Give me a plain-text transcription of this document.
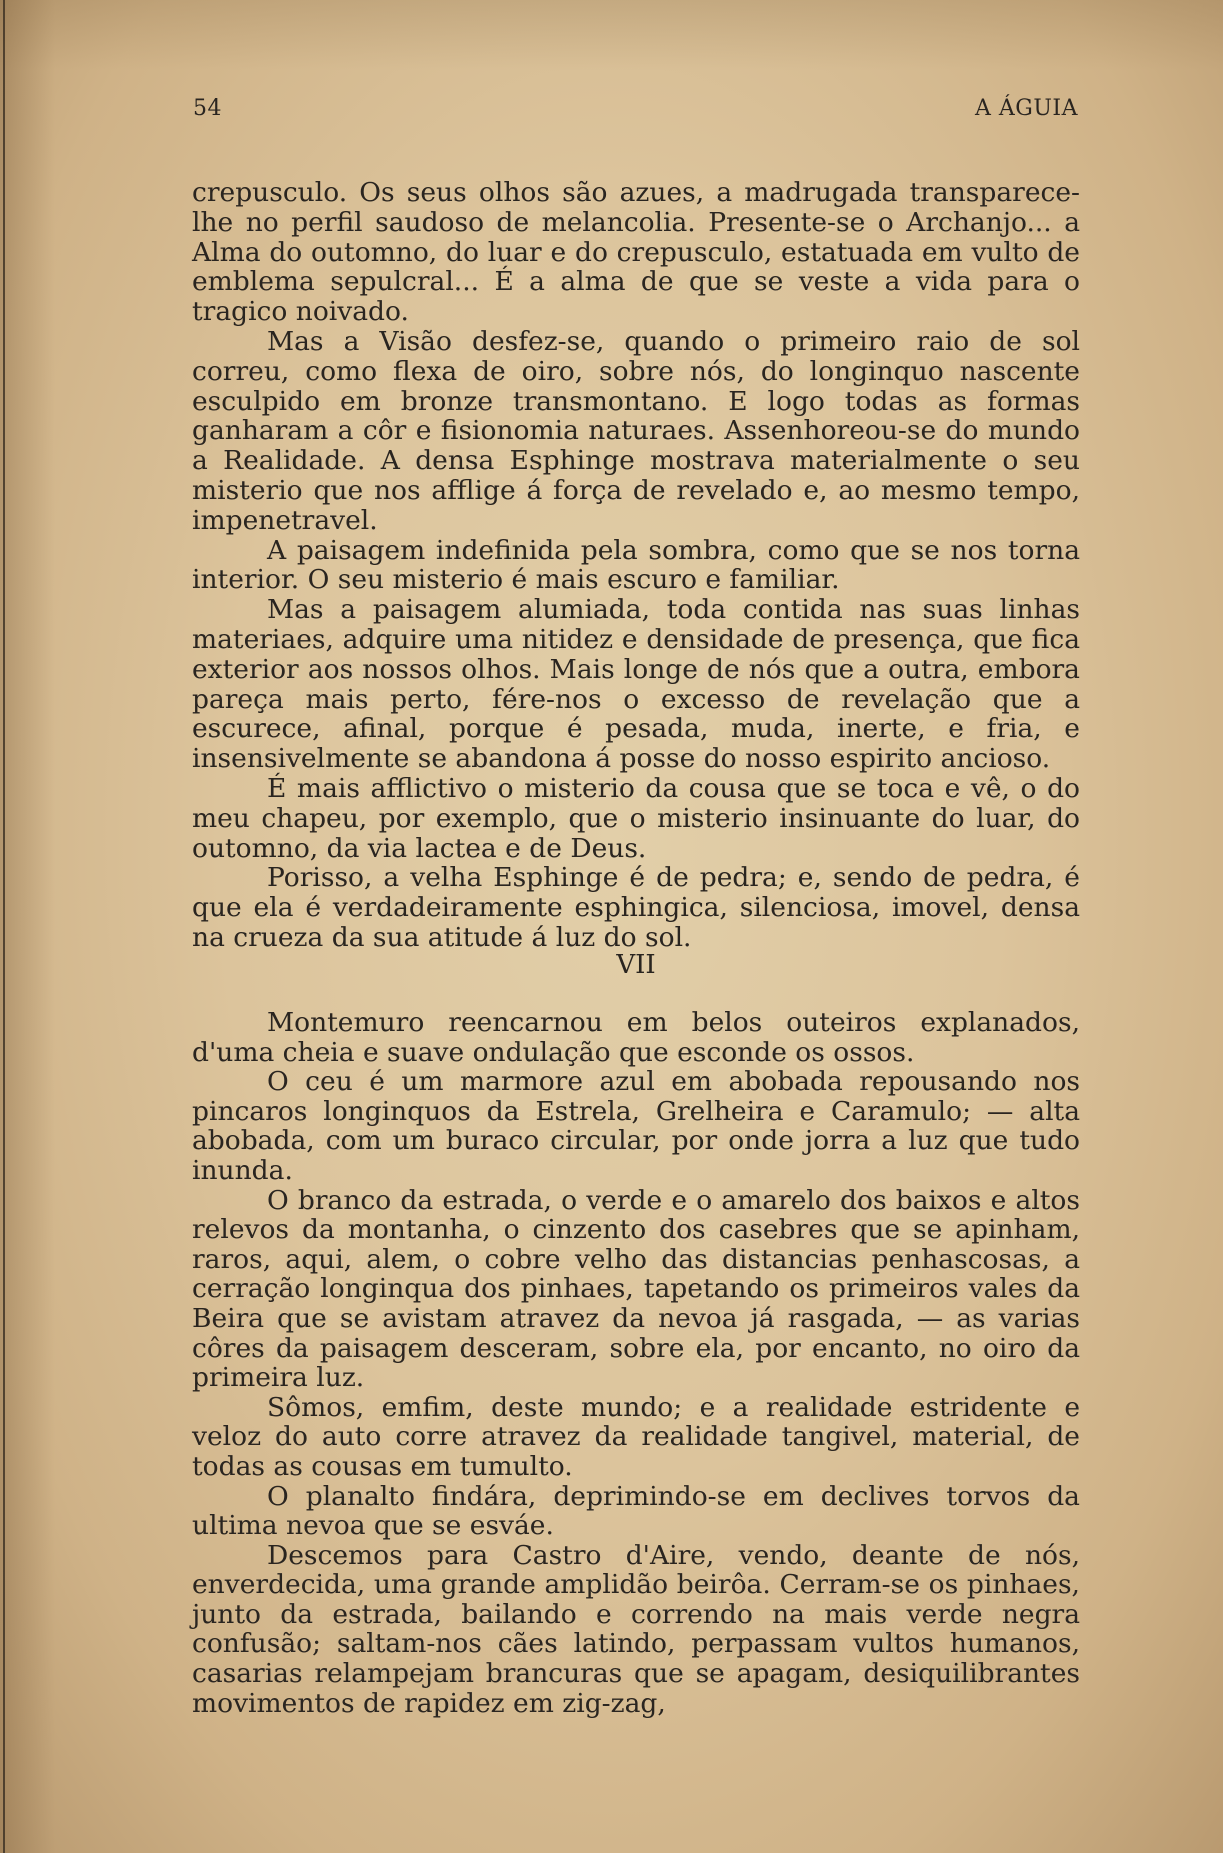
54	A ÁGUIA

crepusculo. Os seus olhos são azues, a madrugada transparece-lhe no perfil saudoso de melancolia. Presente-se o Archanjo... a Alma do outomno, do luar e do crepusculo, estatuada em vulto de emblema sepulcral... É a alma de que se veste a vida para o tragico noivado.

Mas a Visão desfez-se, quando o primeiro raio de sol correu, como flexa de oiro, sobre nós, do longinquo nascente esculpido em bronze transmontano. E logo todas as formas ganharam a côr e fisionomia naturaes. Assenhoreou-se do mundo a Realidade. A densa Esphinge mostrava materialmente o seu misterio que nos afflige á força de revelado e, ao mesmo tempo, impenetravel.

A paisagem indefinida pela sombra, como que se nos torna interior. O seu misterio é mais escuro e familiar.

Mas a paisagem alumiada, toda contida nas suas linhas materiaes, adquire uma nitidez e densidade de presença, que fica exterior aos nossos olhos. Mais longe de nós que a outra, embora pareça mais perto, fére-nos o excesso de revelação que a escurece, afinal, porque é pesada, muda, inerte, e fria, e insensivelmente se abandona á posse do nosso espirito ancioso.

É mais afflictivo o misterio da cousa que se toca e vê, o do meu chapeu, por exemplo, que o misterio insinuante do luar, do outomno, da via lactea e de Deus.

Porisso, a velha Esphinge é de pedra; e, sendo de pedra, é que ela é verdadeiramente esphingica, silenciosa, imovel, densa na crueza da sua atitude á luz do sol.

VII

Montemuro reencarnou em belos outeiros explanados, d'uma cheia e suave ondulação que esconde os ossos.

O ceu é um marmore azul em abobada repousando nos pincaros longinquos da Estrela, Grelheira e Caramulo; — alta abobada, com um buraco circular, por onde jorra a luz que tudo inunda.

O branco da estrada, o verde e o amarelo dos baixos e altos relevos da montanha, o cinzento dos casebres que se apinham, raros, aqui, alem, o cobre velho das distancias penhascosas, a cerração longinqua dos pinhaes, tapetando os primeiros vales da Beira que se avistam atravez da nevoa já rasgada, — as varias côres da paisagem desceram, sobre ela, por encanto, no oiro da primeira luz.

Sômos, emfim, deste mundo; e a realidade estridente e veloz do auto corre atravez da realidade tangivel, material, de todas as cousas em tumulto.

O planalto findára, deprimindo-se em declives torvos da ultima nevoa que se esváe.

Descemos para Castro d'Aire, vendo, deante de nós, enverdecida, uma grande amplidão beirôa. Cerram-se os pinhaes, junto da estrada, bailando e correndo na mais verde negra confusão; saltam-nos cães latindo, perpassam vultos humanos, casarias relampejam brancuras que se apagam, desiquilibrantes movimentos de rapidez em zig-zag,
